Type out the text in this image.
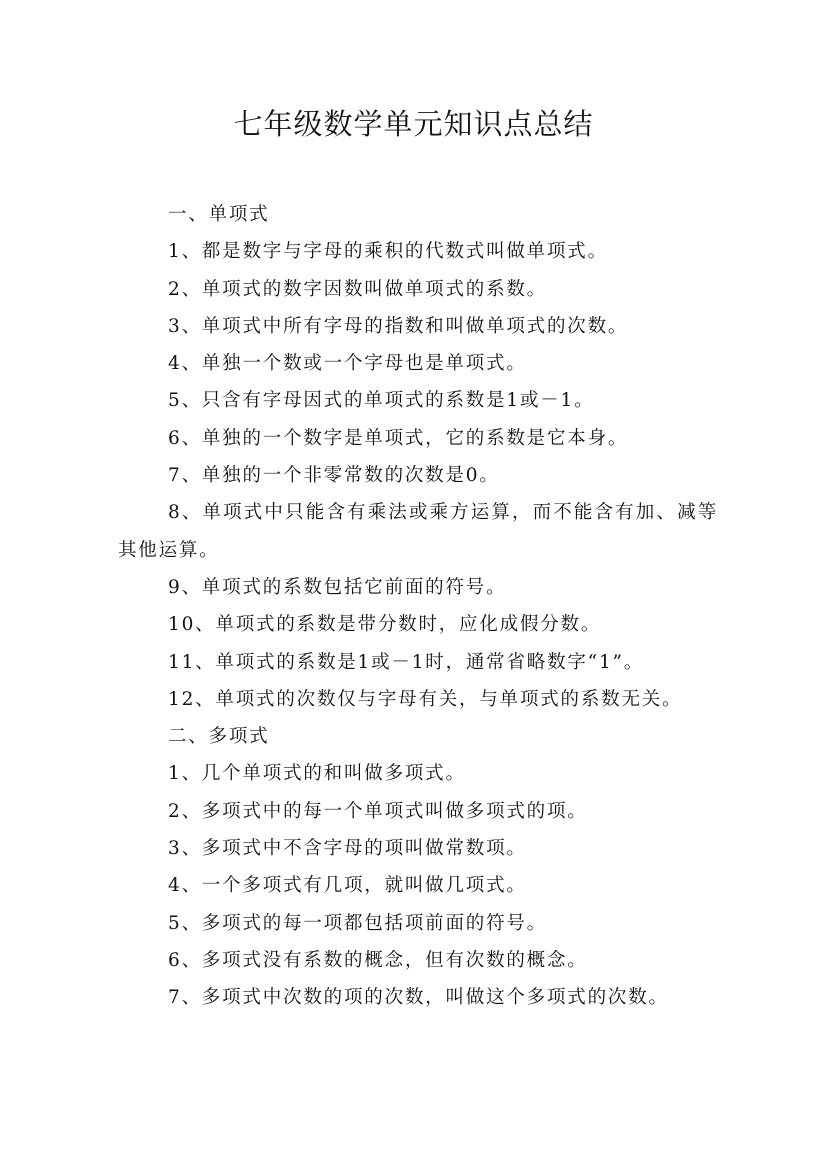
七年级数学单元知识点总结
一、单项式
1、都是数字与字母的乘积的代数式叫做单项式。
2、单项式的数字因数叫做单项式的系数。
3、单项式中所有字母的指数和叫做单项式的次数。
4、单独一个数或一个字母也是单项式。
5、只含有字母因式的单项式的系数是1或－1。
6、单独的一个数字是单项式，它的系数是它本身。
7、单独的一个非零常数的次数是0。
8、单项式中只能含有乘法或乘方运算，而不能含有加、减等其他运算。
9、单项式的系数包括它前面的符号。
10、单项式的系数是带分数时，应化成假分数。
11、单项式的系数是1或－1时，通常省略数字“1”。
12、单项式的次数仅与字母有关，与单项式的系数无关。
二、多项式
1、几个单项式的和叫做多项式。
2、多项式中的每一个单项式叫做多项式的项。
3、多项式中不含字母的项叫做常数项。
4、一个多项式有几项，就叫做几项式。
5、多项式的每一项都包括项前面的符号。
6、多项式没有系数的概念，但有次数的概念。
7、多项式中次数的项的次数，叫做这个多项式的次数。
